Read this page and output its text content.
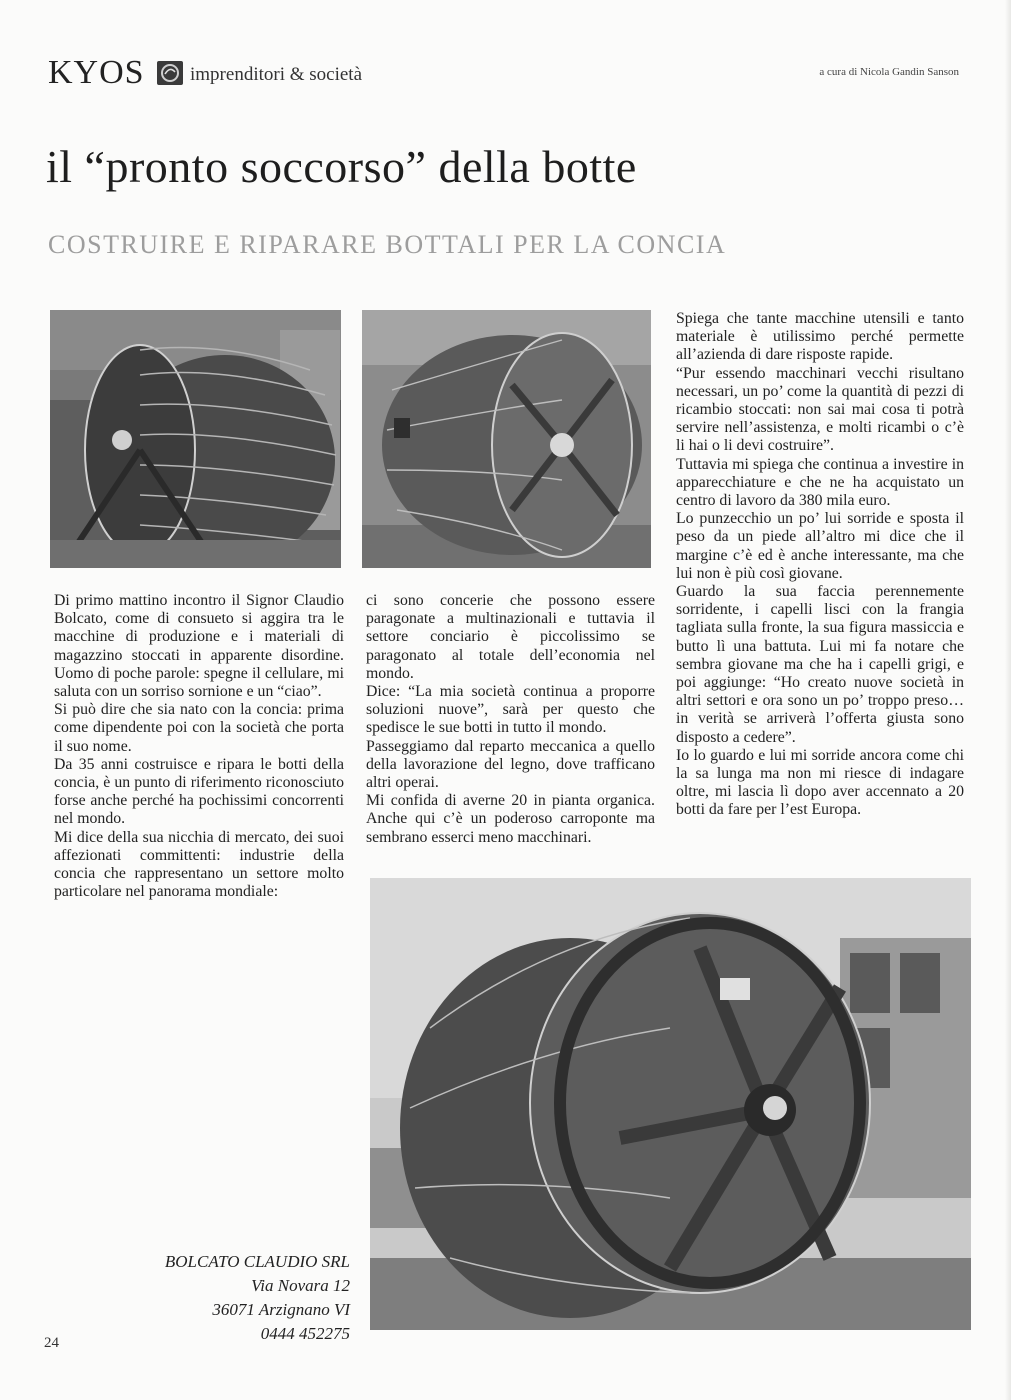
KYOS imprenditori & società	a cura di Nicola Gandin Sanson
il “pronto soccorso” della botte
COSTRUIRE E RIPARARE BOTTALI PER LA CONCIA

Di primo mattino incontro il Signor Claudio Bolcato, come di consueto si aggira tra le macchine di produzione e i materiali di magazzino stoccati in apparente disordine. Uomo di poche parole: spegne il cellulare, mi saluta con un sorriso sornione e un “ciao”.

Si può dire che sia nato con la concia: prima come dipendente poi con la società che porta il suo nome.

Da 35 anni costruisce e ripara le botti della concia, è un punto di riferimento riconosciuto forse anche perché ha pochissimi concorrenti nel mondo.

Mi dice della sua nicchia di mercato, dei suoi affezionati committenti: industrie della concia che rappresentano un settore molto particolare nel panorama mondiale:

ci sono concerie che possono essere paragonate a multinazionali e tuttavia il settore conciario è piccolissimo se paragonato al totale dell’economia nel mondo.

Dice: “La mia società continua a proporre soluzioni nuove”, sarà per questo che spedisce le sue botti in tutto il mondo.

Passeggiamo dal reparto meccanica a quello della lavorazione del legno, dove trafficano altri operai.

Mi confida di averne 20 in pianta organica. Anche qui c’è un poderoso carroponte ma sembrano esserci meno macchinari.

Spiega che tante macchine utensili e tanto materiale è utilissimo perché permette all’azienda di dare risposte rapide.

“Pur essendo macchinari vecchi risultano necessari, un po’ come la quantità di pezzi di ricambio stoccati: non sai mai cosa ti potrà servire nell’assistenza, e molti ricambi o c’è li hai o li devi costruire”.

Tuttavia mi spiega che continua a investire in apparecchiature e che ne ha acquistato un centro di lavoro da 380 mila euro.

Lo punzecchio un po’ lui sorride e sposta il peso da un piede all’altro mi dice che il margine c’è ed è anche interessante, ma che lui non è più così giovane.

Guardo la sua faccia perennemente sorridente, i capelli lisci con la frangia tagliata sulla fronte, la sua figura massiccia e butto lì una battuta. Lui mi fa notare che sembra giovane ma che ha i capelli grigi, e poi aggiunge: “Ho creato nuove società in altri settori e ora sono un po’ troppo preso… in verità se arriverà l’offerta giusta sono disposto a cedere”.

Io lo guardo e lui mi sorride ancora come chi la sa lunga ma non mi riesce di indagare oltre, mi lascia lì dopo aver accennato a 20 botti da fare per l’est Europa.

BOLCATO CLAUDIO SRL
Via Novara 12
36071 Arzignano VI
0444 452275
24
